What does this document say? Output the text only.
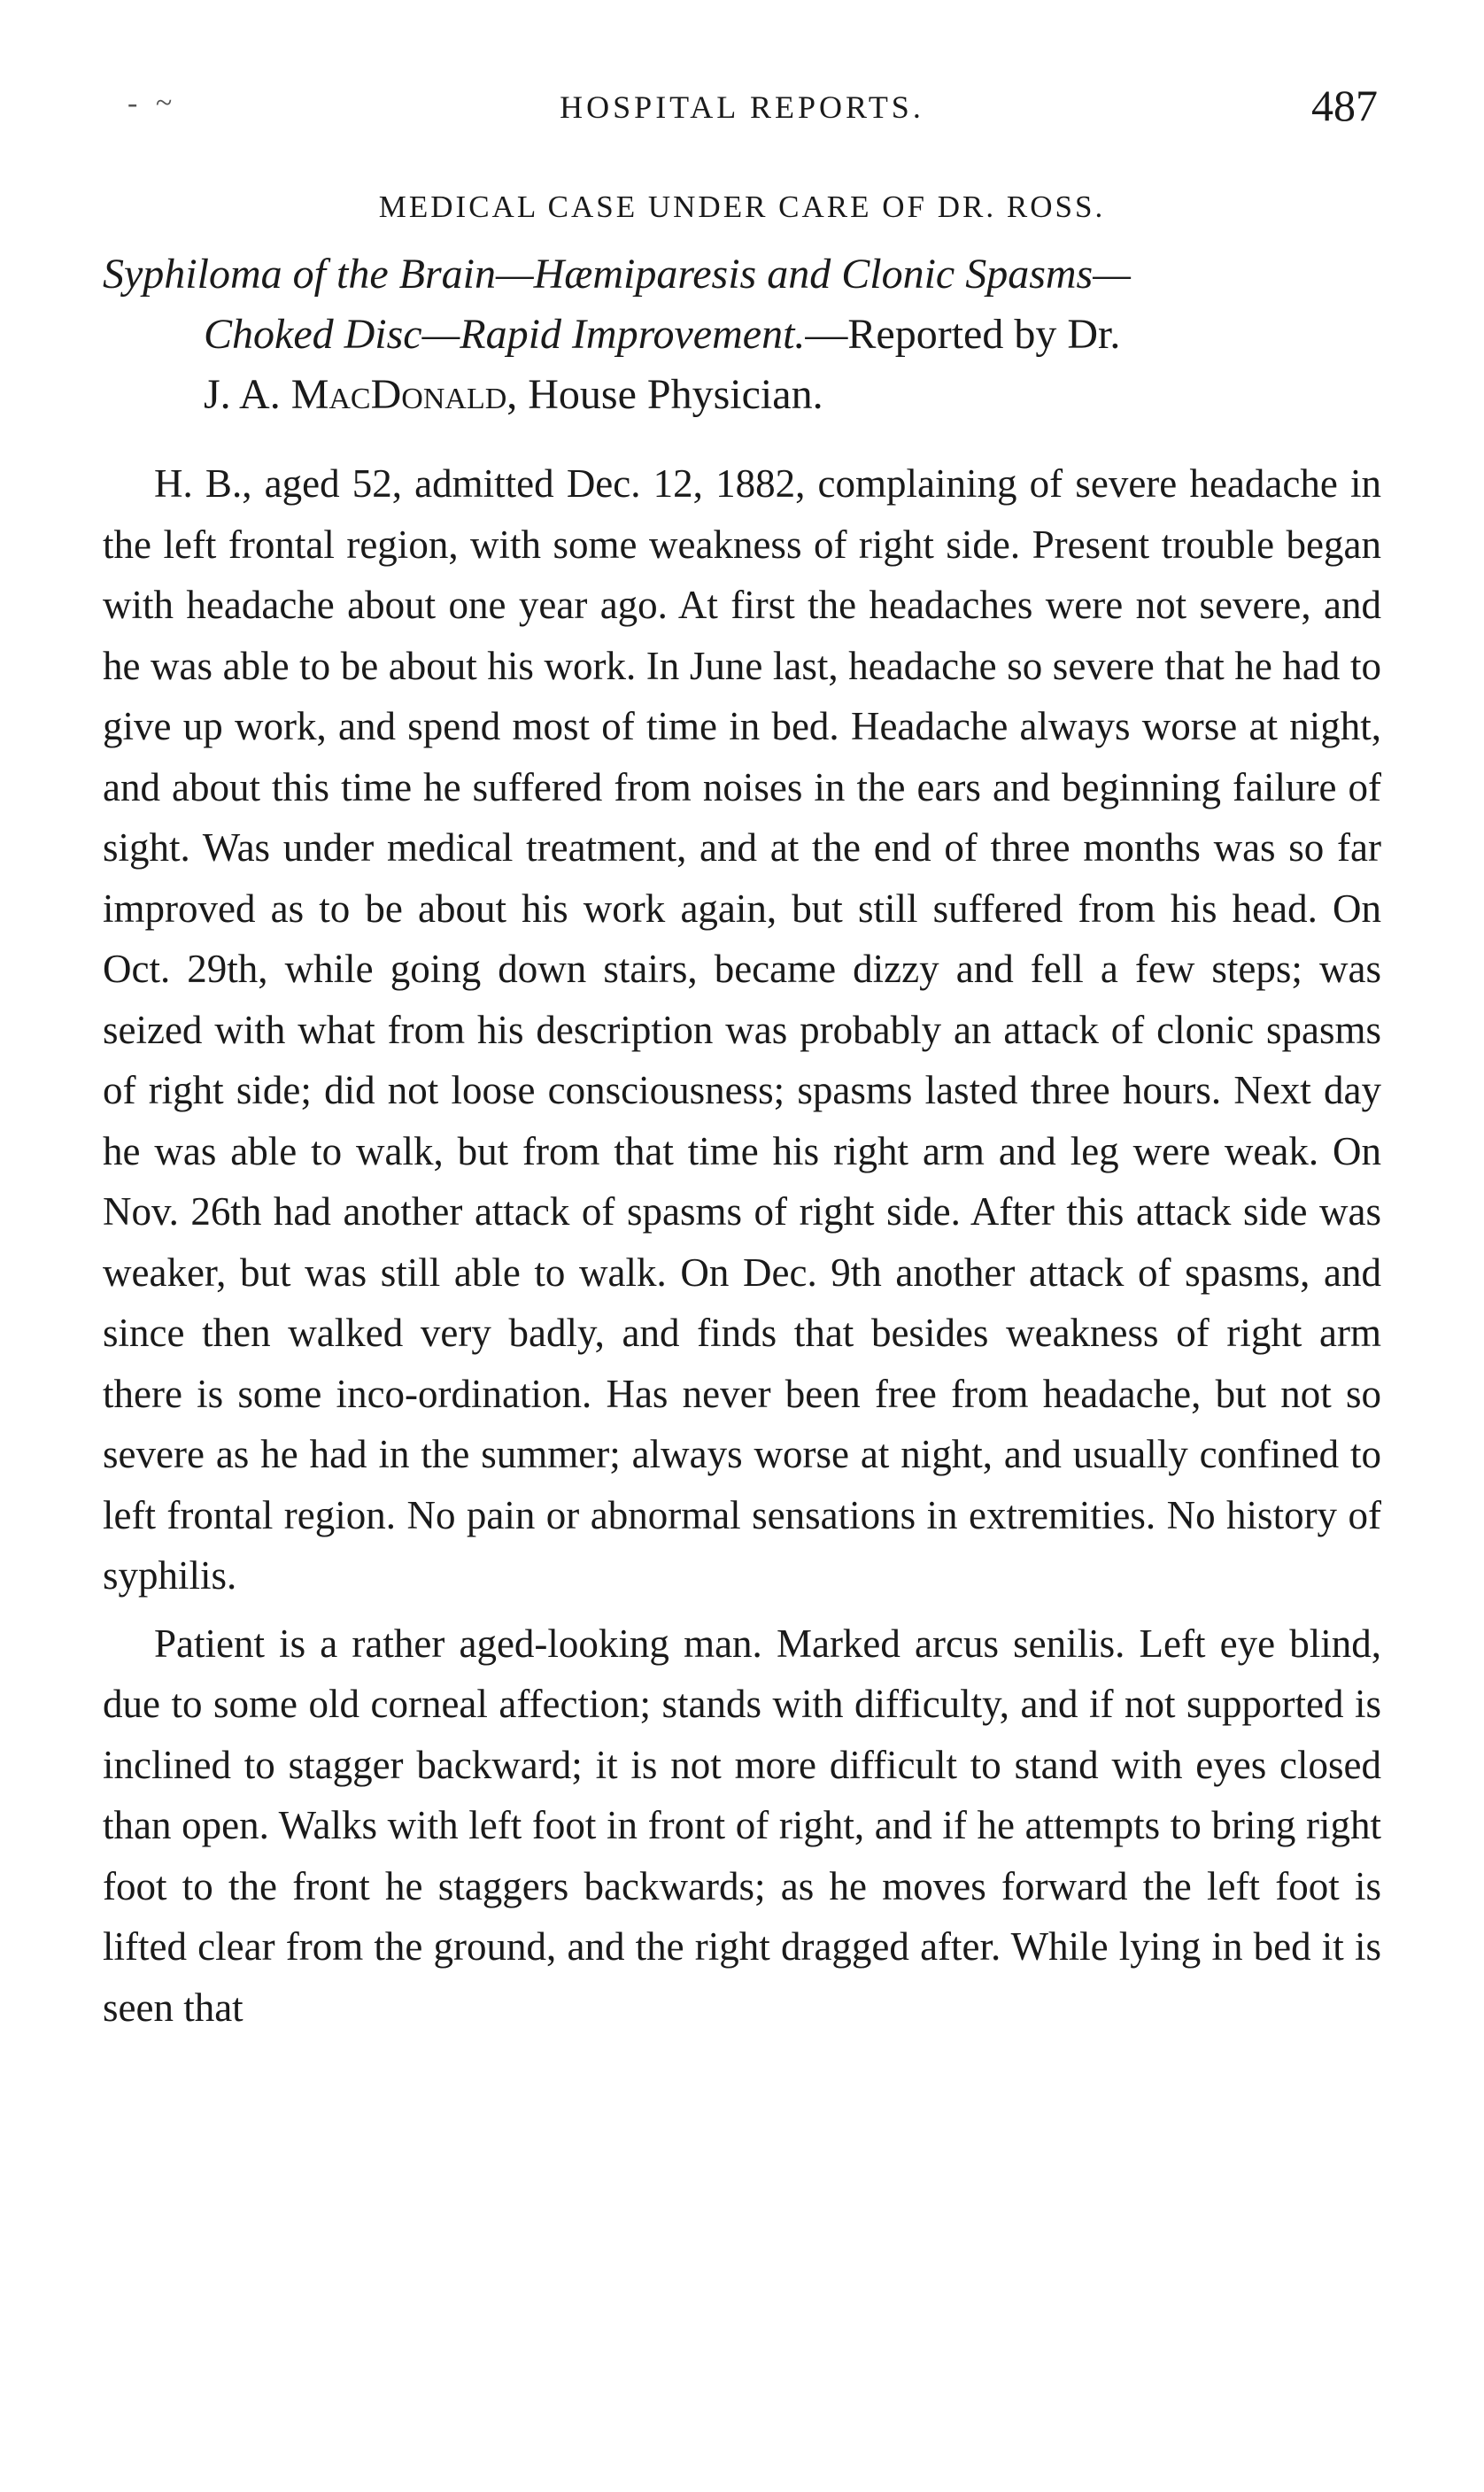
- ~	HOSPITAL REPORTS.	487
MEDICAL CASE UNDER CARE OF DR. ROSS.
Syphiloma of the Brain—Hæmiparesis and Clonic Spasms—
Choked Disc—Rapid Improvement.—Reported by Dr.
J. A. MacDonald, House Physician.

H. B., aged 52, admitted Dec. 12, 1882, complaining of severe headache in the left frontal region, with some weakness of right side. Present trouble began with headache about one year ago. At first the headaches were not severe, and he was able to be about his work. In June last, headache so severe that he had to give up work, and spend most of time in bed. Headache always worse at night, and about this time he suffered from noises in the ears and beginning failure of sight. Was under medical treatment, and at the end of three months was so far improved as to be about his work again, but still suffered from his head. On Oct. 29th, while going down stairs, became dizzy and fell a few steps; was seized with what from his description was probably an attack of clonic spasms of right side; did not loose consciousness; spasms lasted three hours. Next day he was able to walk, but from that time his right arm and leg were weak. On Nov. 26th had another attack of spasms of right side. After this attack side was weaker, but was still able to walk. On Dec. 9th another attack of spasms, and since then walked very badly, and finds that besides weakness of right arm there is some inco-ordination. Has never been free from headache, but not so severe as he had in the summer; always worse at night, and usually confined to left frontal region. No pain or abnormal sensations in extremities. No history of syphilis.

Patient is a rather aged-looking man. Marked arcus senilis. Left eye blind, due to some old corneal affection; stands with difficulty, and if not supported is inclined to stagger backward; it is not more difficult to stand with eyes closed than open. Walks with left foot in front of right, and if he attempts to bring right foot to the front he staggers backwards; as he moves forward the left foot is lifted clear from the ground, and the right dragged after. While lying in bed it is seen that
